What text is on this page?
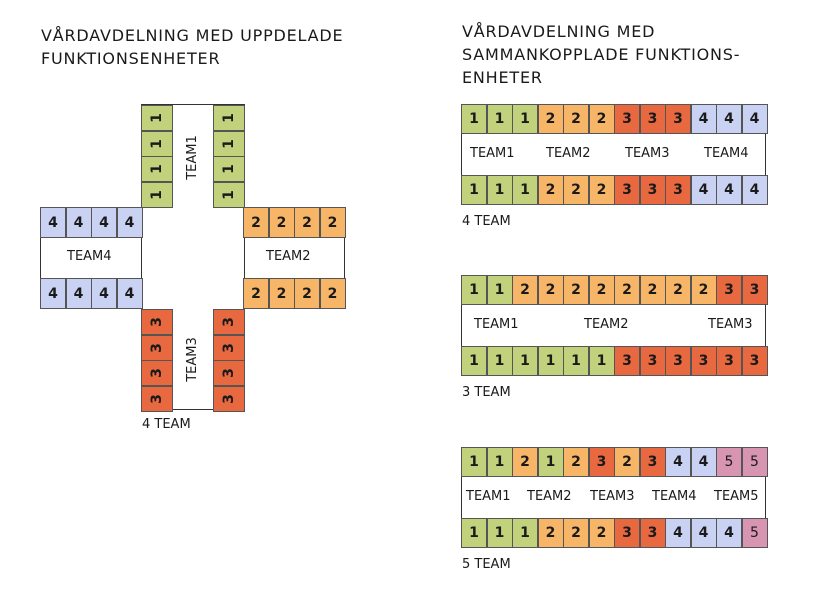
VÅRDAVDELNING MED UPPDELADE
FUNKTIONSENHETER
VÅRDAVDELNING MED
SAMMANKOPPLADE FUNKTIONS-
ENHETER
1
1
1
1
1
1
1
1
3
3
3
3
3
3
3
3
4 4 4 4
4 4 4 4
2 2 2 2
2 2 2 2
TEAM1
TEAM2
TEAM3
TEAM4
4 TEAM
1 1 1 2 2 2 3 3 3 4 4 4
1 1 1 2 2 2 3 3 3 4 4 4
TEAM1 TEAM2	TEAM3	TEAM4
4 TEAM
1 1 2 2 2 2 2 2 2 2 3 3
1 1 1 1 1 1 3 3 3 3 3 3
TEAM1	TEAM2	TEAM3
3 TEAM
1 1 2 1 2 3 2 3 4 4 5 5
1 1 1 2 2 2 3 3 4 4 4 5
TEAM1 TEAM2 TEAM3 TEAM4 TEAM5
5 TEAM
